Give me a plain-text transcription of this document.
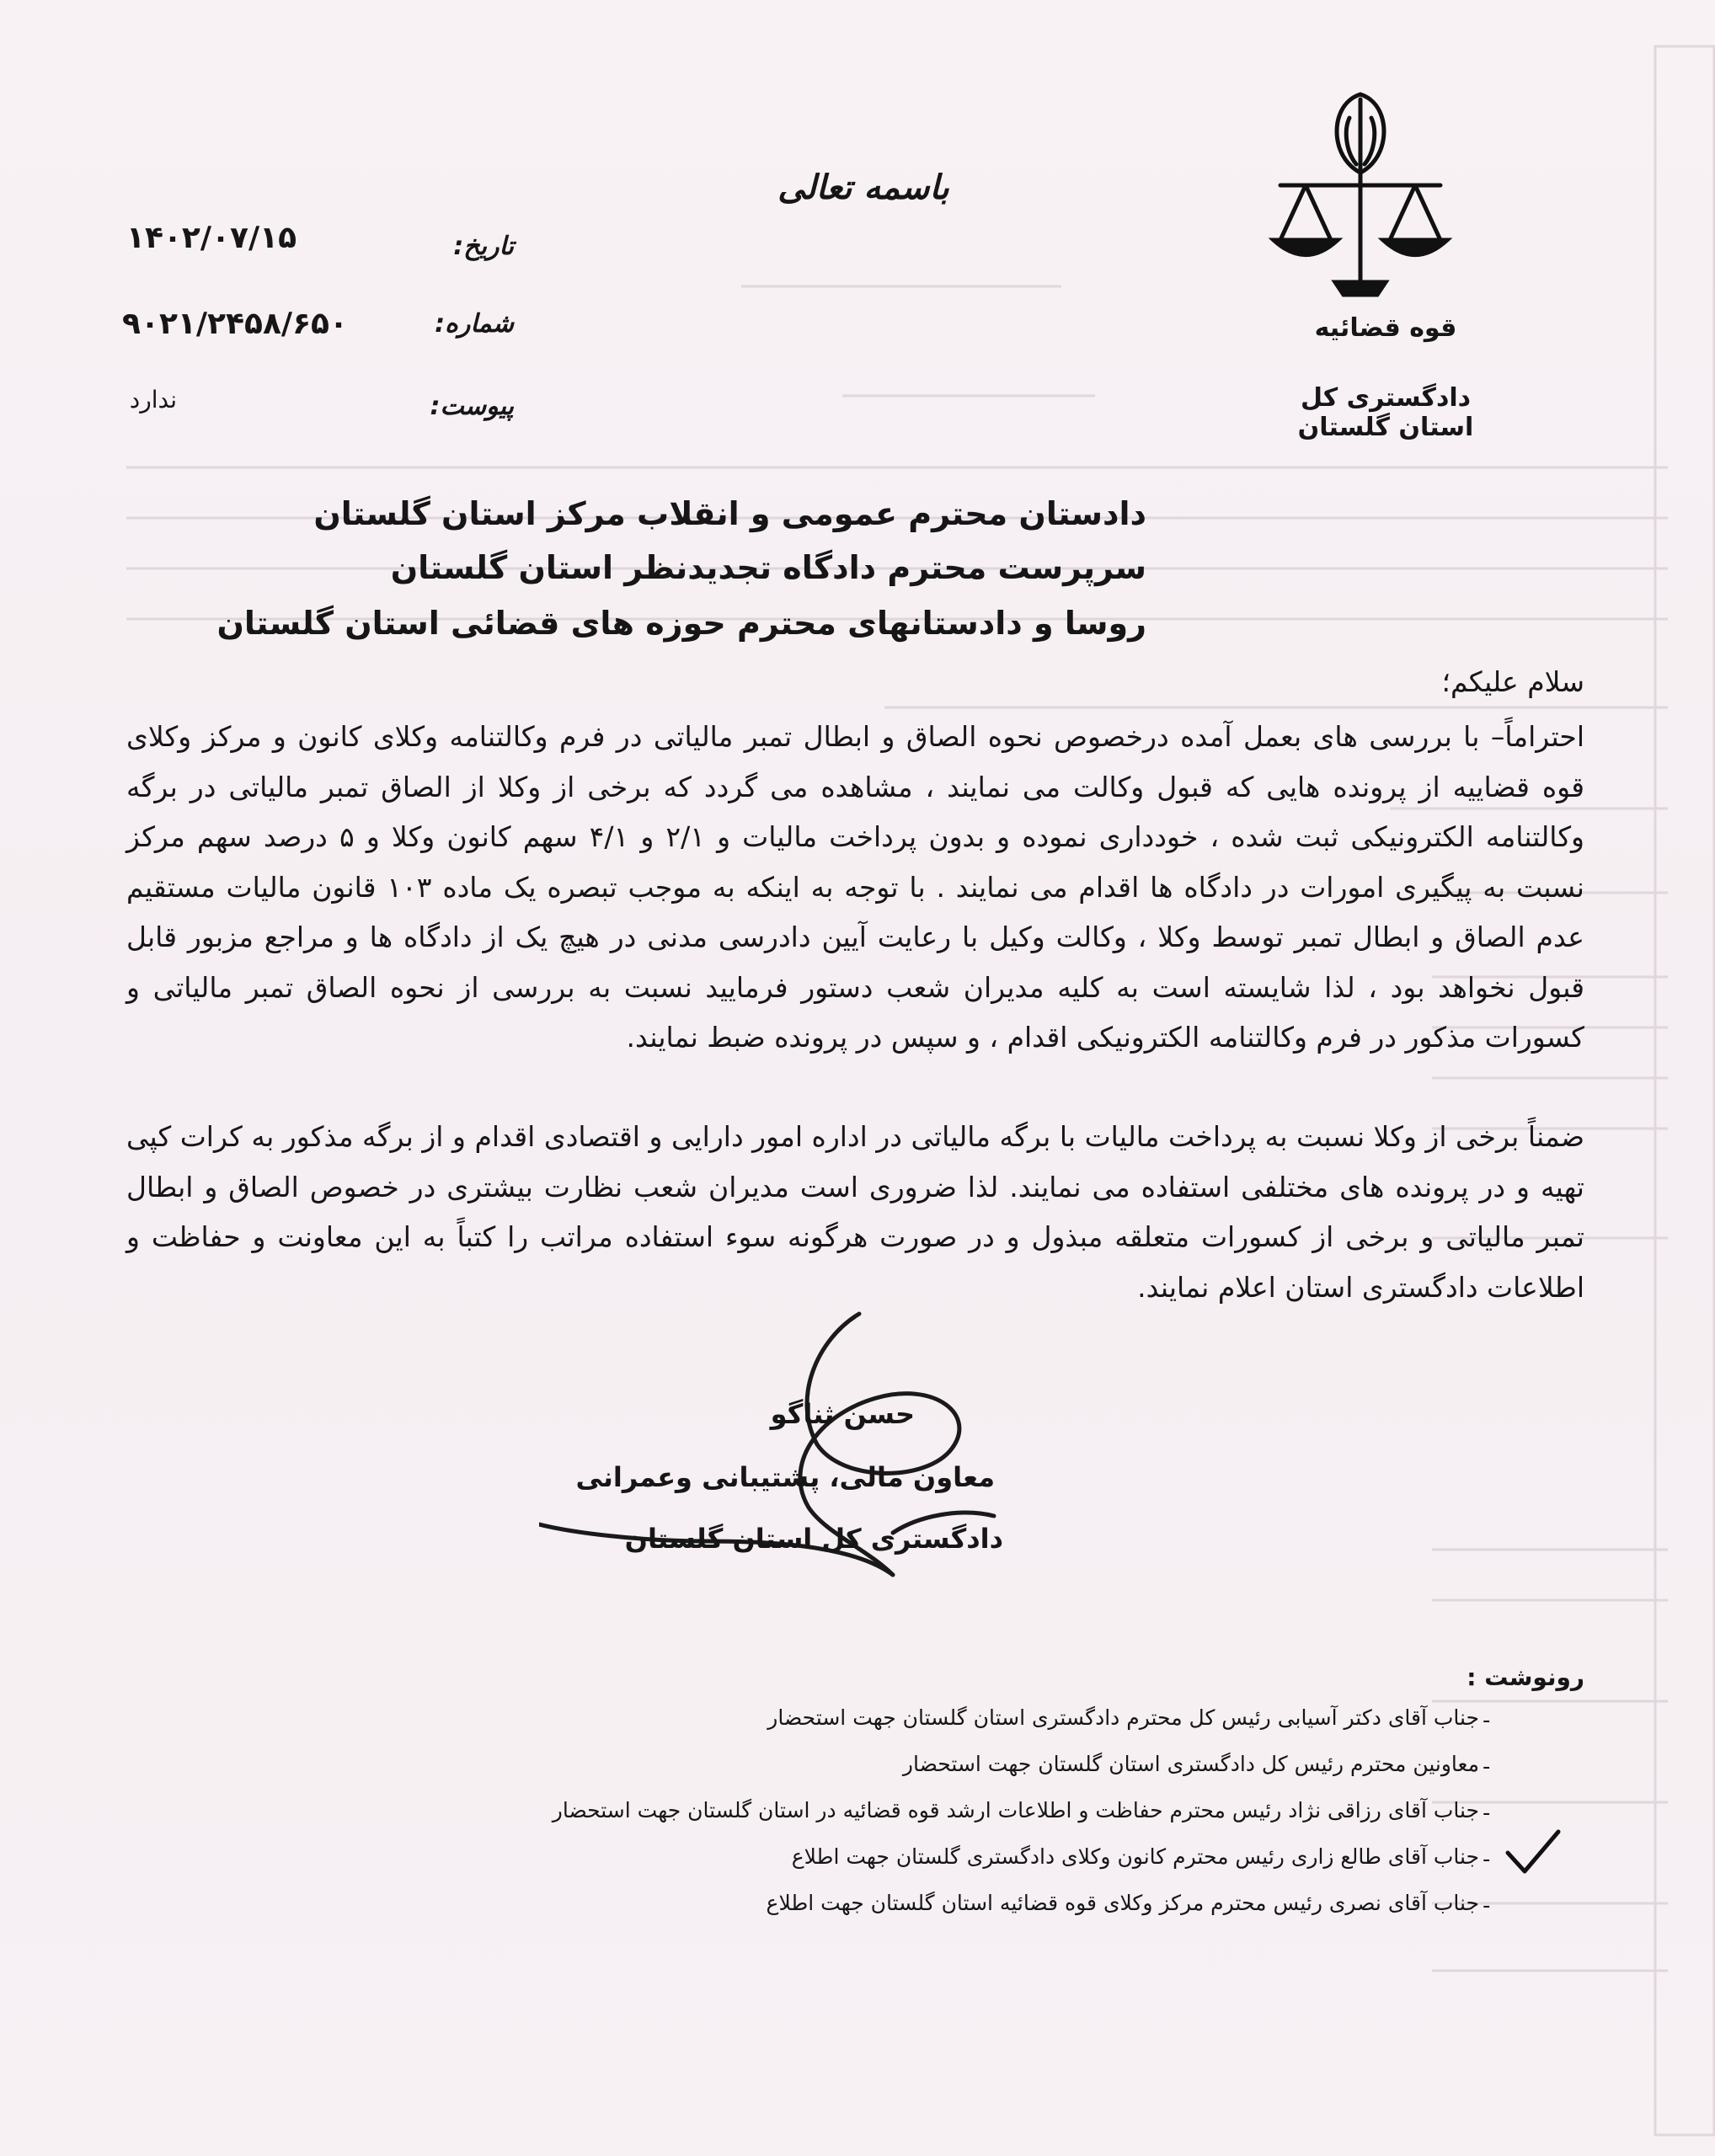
قوه قضائیه
دادگستری کل استان گلستان
باسمه تعالی
تاریخ:
۱۴۰۲/۰۷/۱۵
شماره:
۹۰۲۱/۲۴۵۸/۶۵۰
پیوست:
ندارد
دادستان محترم عمومی و انقلاب مرکز استان گلستان
سرپرست محترم دادگاه تجدیدنظر استان گلستان
روسا و دادستانهای محترم حوزه های قضائی استان گلستان
سلام علیکم؛
احتراماً– با بررسی های بعمل آمده درخصوص نحوه الصاق و ابطال تمبر مالیاتی در فرم وکالتنامه وکلای کانون و مرکز وکلای قوه قضاییه از پرونده هایی که قبول وکالت می نمایند ، مشاهده می گردد که برخی از وکلا از الصاق تمبر مالیاتی در برگه وکالتنامه الکترونیکی ثبت شده ، خودداری نموده و بدون پرداخت مالیات و ۲/۱ و ۴/۱ سهم کانون وکلا و ۵ درصد سهم مرکز نسبت به پیگیری امورات در دادگاه ها اقدام می نمایند . با توجه به اینکه به موجب تبصره یک ماده ۱۰۳ قانون مالیات مستقیم عدم الصاق و ابطال تمبر توسط وکلا ، وکالت وکیل با رعایت آیین دادرسی مدنی در هیچ یک از دادگاه ها و مراجع مزبور قابل قبول نخواهد بود ، لذا شایسته است به کلیه مدیران شعب دستور فرمایید نسبت به بررسی از نحوه الصاق تمبر مالیاتی و کسورات مذکور در فرم وکالتنامه الکترونیکی اقدام ، و سپس در پرونده ضبط نمایند.
ضمناً برخی از وکلا نسبت به پرداخت مالیات با برگه مالیاتی در اداره امور دارایی و اقتصادی اقدام و از برگه مذکور به کرات کپی تهیه و در پرونده های مختلفی استفاده می نمایند. لذا ضروری است مدیران شعب نظارت بیشتری در خصوص الصاق و ابطال تمبر مالیاتی و برخی از کسورات متعلقه مبذول و در صورت هرگونه سوء استفاده مراتب را کتباً به این معاونت و حفاظت و اطلاعات دادگستری استان اعلام نمایند.
حسن ثناگو
معاون مالی، پشتیبانی وعمرانی
دادگستری کل استان گلستان
رونوشت :
-
جناب آقای دکتر آسیابی رئیس کل محترم دادگستری استان گلستان جهت استحضار
-
معاونین محترم رئیس کل دادگستری استان گلستان جهت استحضار
-
جناب آقای رزاقی نژاد رئیس محترم حفاظت و اطلاعات ارشد قوه قضائیه در استان گلستان جهت استحضار
-
جناب آقای طالع زاری رئیس محترم کانون وکلای دادگستری گلستان جهت اطلاع
-
جناب آقای نصری رئیس محترم مرکز وکلای قوه قضائیه استان گلستان جهت اطلاع
